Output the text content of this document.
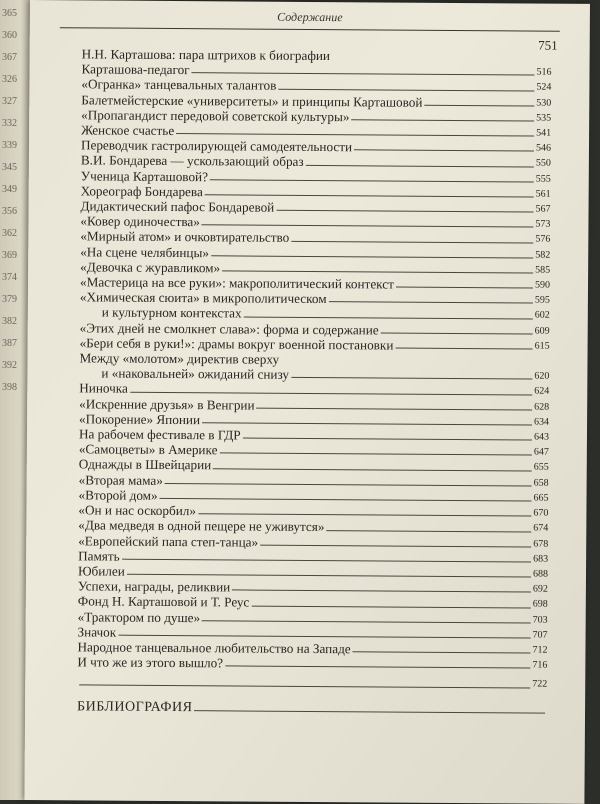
365
360
367
326
327
332
339
345
349
356
362
369
374
379
382
387
392
398
Содержание
751
Н.Н. Карташова: пара штрихов к биографии
Карташова-педагог	516
«Огранка» танцевальных талантов	524
Балетмейстерские «университеты» и принципы Карташовой	530
«Пропагандист передовой советской культуры»	535
Женское счастье	541
Переводчик гастролирующей самодеятельности	546
В.И. Бондарева — ускользающий образ	550
Ученица Карташовой?	555
Хореограф Бондарева	561
Дидактический пафос Бондаревой	567
«Ковер одиночества»	573
«Мирный атом» и очковтирательство	576
«На сцене челябинцы»	582
«Девочка с журавликом»	585
«Мастерица на все руки»: макрополитический контекст	590
«Химическая сюита» в микрополитическом	595
и культурном контекстах	602
«Этих дней не смолкнет слава»: форма и содержание	609
«Бери себя в руки!»: драмы вокруг военной постановки	615
Между «молотом» директив сверху
и «наковальней» ожиданий снизу	620
Ниночка	624
«Искренние друзья» в Венгрии	628
«Покорение» Японии	634
На рабочем фестивале в ГДР	643
«Самоцветы» в Америке	647
Однажды в Швейцарии	655
«Вторая мама»	658
«Второй дом»	665
«Он и нас оскорбил»	670
«Два медведя в одной пещере не уживутся»	674
«Европейский папа степ-танца»	678
Память	683
Юбилеи	688
Успехи, награды, реликвии	692
Фонд Н. Карташовой и Т. Реус	698
«Трактором по душе»	703
Значок	707
Народное танцевальное любительство на Западе	712
И что же из этого вышло?	716
722
БИБЛИОГРАФИЯ
